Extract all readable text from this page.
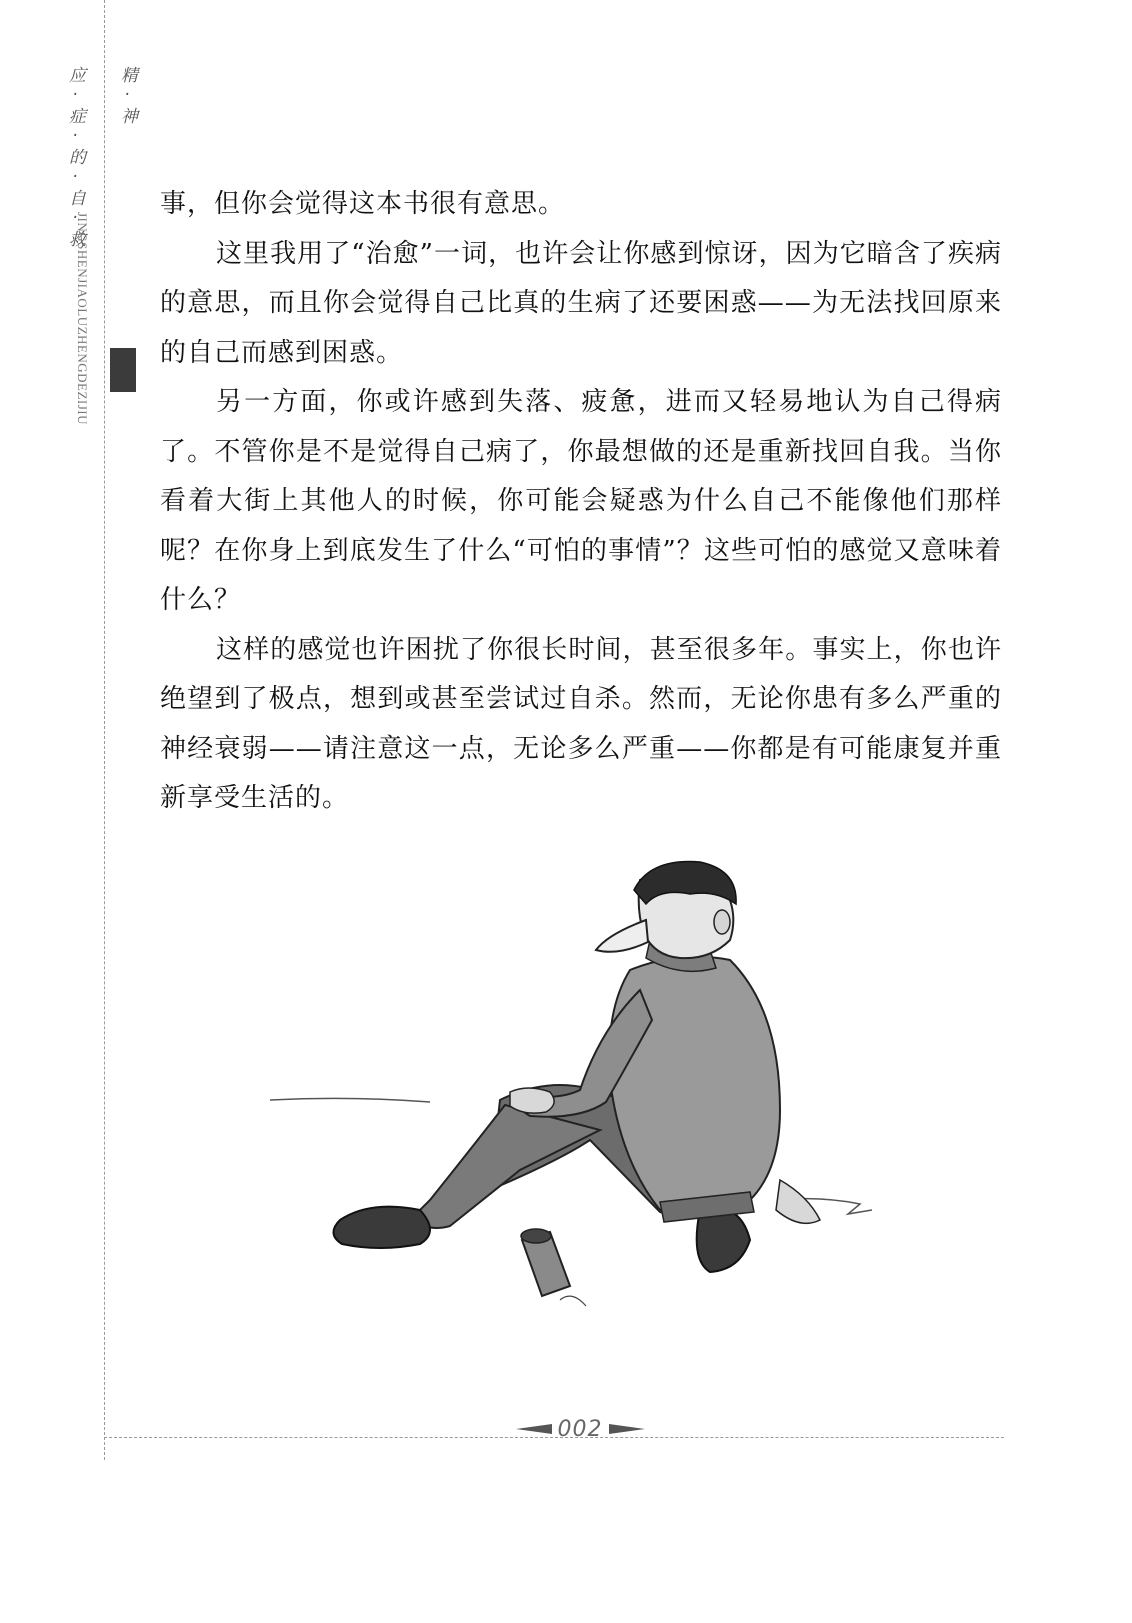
精·神

应·症·的·自·救
JINGSHENJIAOLUZHENGDEZIJIU

事，但你会觉得这本书很有意思。

这里我用了“治愈”一词，也许会让你感到惊讶，因为它暗含了疾病的意思，而且你会觉得自己比真的生病了还要困惑——为无法找回原来的自己而感到困惑。

另一方面，你或许感到失落、疲惫，进而又轻易地认为自己得病了。不管你是不是觉得自己病了，你最想做的还是重新找回自我。当你看着大街上其他人的时候，你可能会疑惑为什么自己不能像他们那样呢？在你身上到底发生了什么“可怕的事情”？这些可怕的感觉又意味着什么？

这样的感觉也许困扰了你很长时间，甚至很多年。事实上，你也许绝望到了极点，想到或甚至尝试过自杀。然而，无论你患有多么严重的神经衰弱——请注意这一点，无论多么严重——你都是有可能康复并重新享受生活的。

002
